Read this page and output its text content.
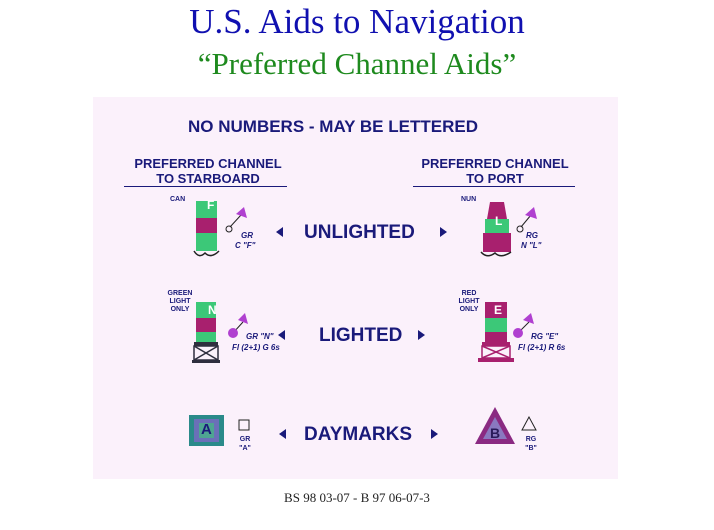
U.S. Aids to Navigation
“Preferred Channel Aids”
NO NUMBERS - MAY BE LETTERED
PREFERRED CHANNEL
TO STARBOARD
PREFERRED CHANNEL
TO PORT
UNLIGHTED
LIGHTED
DAYMARKS
CAN F
GR
C "F"
GREEN
LIGHT
ONLY	N
GR "N"
Fl (2+1) G 6s
A
GR
"A"
NUN
L
RG
N "L"
RED
LIGHT
ONLY	E
RG "E"
Fl (2+1) R 6s
B	RG
"B"
BS 98 03-07 - B 97 06-07-3
